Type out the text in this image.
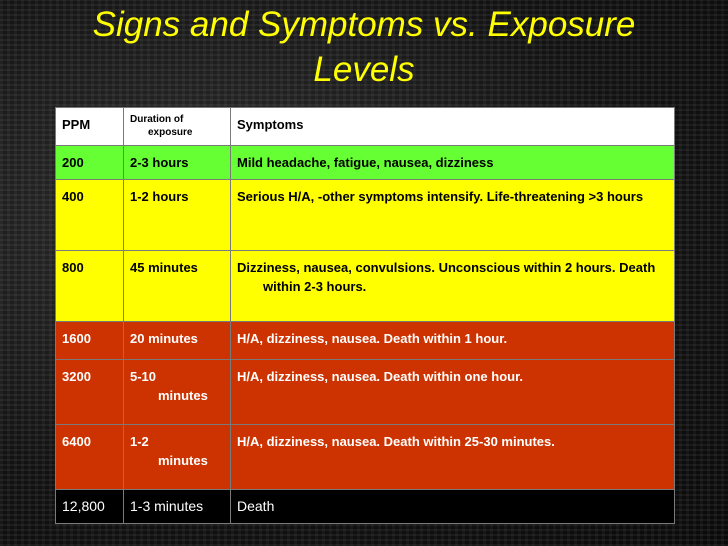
Signs and Symptoms vs. Exposure
Levels
PPM	Duration of exposure	Symptoms
200	2-3 hours	Mild headache, fatigue, nausea, dizziness
400	1-2 hours	Serious H/A, -other symptoms intensify. Life-threatening >3 hours

800	45 minutes	Dizziness, nausea, convulsions. Unconscious within 2 hours. Death within 2-3 hours.

1600	20 minutes	H/A, dizziness, nausea. Death within 1 hour.
3200	5-10 minutes	H/A, dizziness, nausea. Death within one hour.
6400	1-2 minutes	H/A, dizziness, nausea. Death within 25-30 minutes.
12,800	1-3 minutes	Death
